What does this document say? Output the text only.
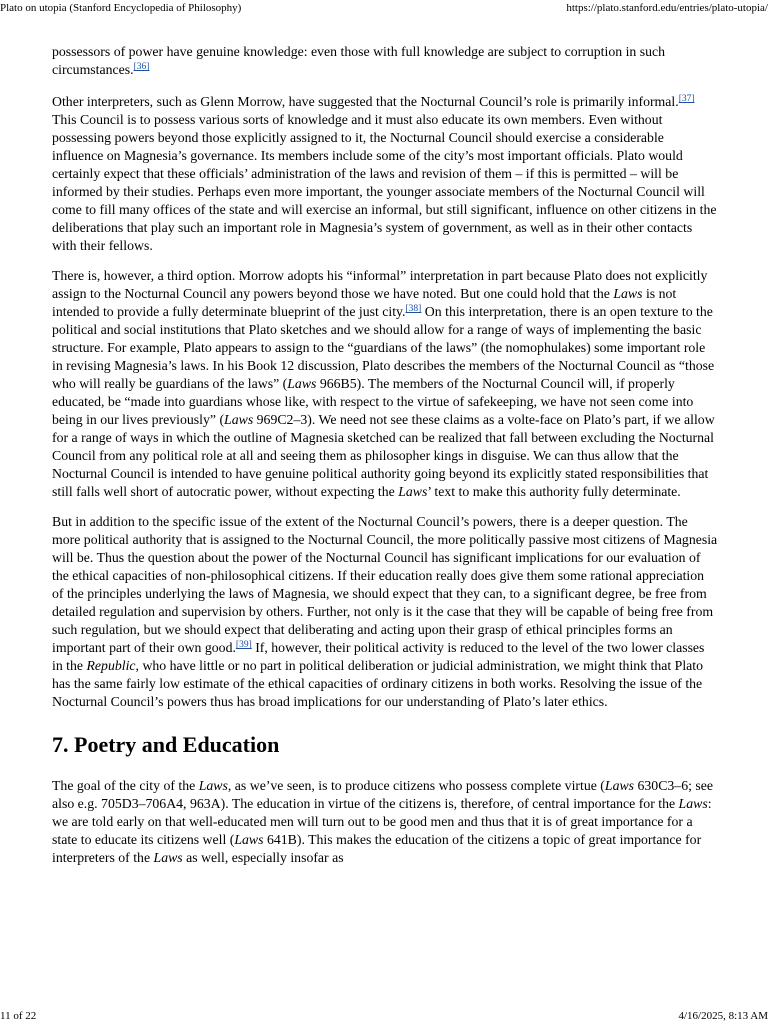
Plato on utopia (Stanford Encyclopedia of Philosophy)	https://plato.stanford.edu/entries/plato-utopia/

possessors of power have genuine knowledge: even those with full knowledge are subject to corruption in such circumstances.[36]

Other interpreters, such as Glenn Morrow, have suggested that the Nocturnal Council’s role is primarily informal.[37] This Council is to possess various sorts of knowledge and it must also educate its own members. Even without possessing powers beyond those explicitly assigned to it, the Nocturnal Council should exercise a considerable influence on Magnesia’s governance. Its members include some of the city’s most important officials. Plato would certainly expect that these officials’ administration of the laws and revision of them – if this is permitted – will be informed by their studies. Perhaps even more important, the younger associate members of the Nocturnal Council will come to fill many offices of the state and will exercise an informal, but still significant, influence on other citizens in the deliberations that play such an important role in Magnesia’s system of government, as well as in their other contacts with their fellows.

There is, however, a third option. Morrow adopts his “informal” interpretation in part because Plato does not explicitly assign to the Nocturnal Council any powers beyond those we have noted. But one could hold that the Laws is not intended to provide a fully determinate blueprint of the just city.[38] On this interpretation, there is an open texture to the political and social institutions that Plato sketches and we should allow for a range of ways of implementing the basic structure. For example, Plato appears to assign to the “guardians of the laws” (the nomophulakes) some important role in revising Magnesia’s laws. In his Book 12 discussion, Plato describes the members of the Nocturnal Council as “those who will really be guardians of the laws” (Laws 966B5). The members of the Nocturnal Council will, if properly educated, be “made into guardians whose like, with respect to the virtue of safekeeping, we have not seen come into being in our lives previously” (Laws 969C2–3). We need not see these claims as a volte-face on Plato’s part, if we allow for a range of ways in which the outline of Magnesia sketched can be realized that fall between excluding the Nocturnal Council from any political role at all and seeing them as philosopher kings in disguise. We can thus allow that the Nocturnal Council is intended to have genuine political authority going beyond its explicitly stated responsibilities that still falls well short of autocratic power, without expecting the Laws’ text to make this authority fully determinate.

But in addition to the specific issue of the extent of the Nocturnal Council’s powers, there is a deeper question. The more political authority that is assigned to the Nocturnal Council, the more politically passive most citizens of Magnesia will be. Thus the question about the power of the Nocturnal Council has significant implications for our evaluation of the ethical capacities of non-philosophical citizens. If their education really does give them some rational appreciation of the principles underlying the laws of Magnesia, we should expect that they can, to a significant degree, be free from detailed regulation and supervision by others. Further, not only is it the case that they will be capable of being free from such regulation, but we should expect that deliberating and acting upon their grasp of ethical principles forms an important part of their own good.[39] If, however, their political activity is reduced to the level of the two lower classes in the Republic, who have little or no part in political deliberation or judicial administration, we might think that Plato has the same fairly low estimate of the ethical capacities of ordinary citizens in both works. Resolving the issue of the Nocturnal Council’s powers thus has broad implications for our understanding of Plato’s later ethics.

7. Poetry and Education

The goal of the city of the Laws, as we’ve seen, is to produce citizens who possess complete virtue (Laws 630C3–6; see also e.g. 705D3–706A4, 963A). The education in virtue of the citizens is, therefore, of central importance for the Laws: we are told early on that well-educated men will turn out to be good men and thus that it is of great importance for a state to educate its citizens well (Laws 641B). This makes the education of the citizens a topic of great importance for interpreters of the Laws as well, especially insofar as

11 of 22	4/16/2025, 8:13 AM
